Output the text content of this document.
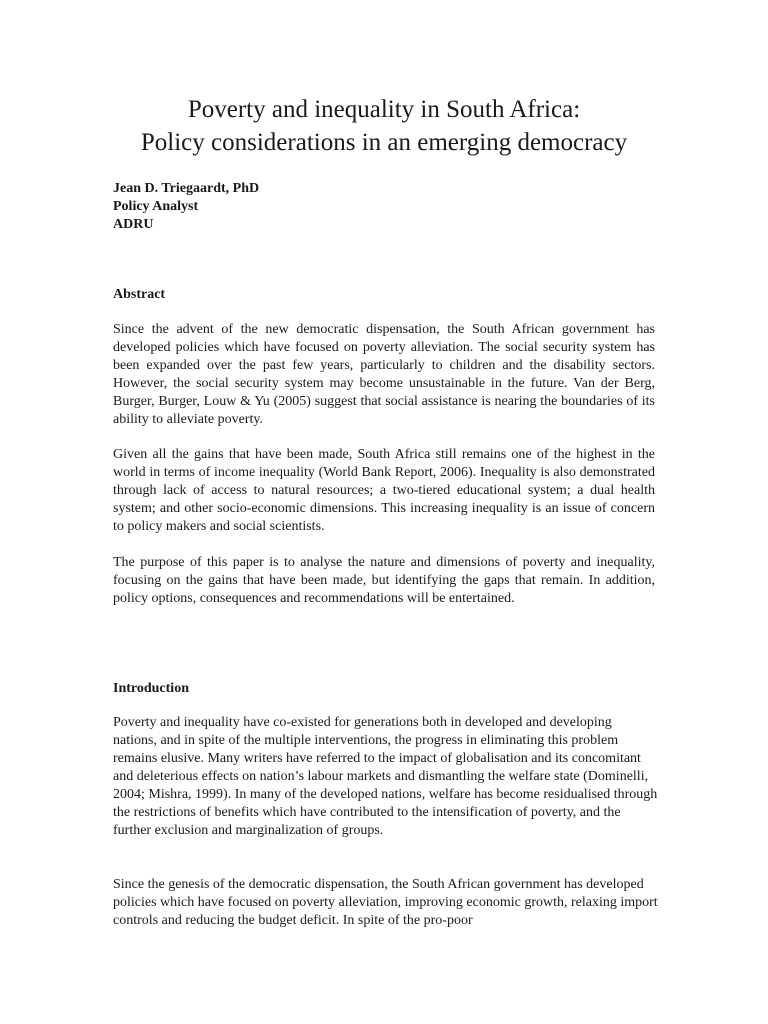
Poverty and inequality in South Africa:
Policy considerations in an emerging democracy
Jean D. Triegaardt, PhD
Policy Analyst
ADRU
Abstract

Since the advent of the new democratic dispensation, the South African government has developed policies which have focused on poverty alleviation. The social security system has been expanded over the past few years, particularly to children and the disability sectors. However, the social security system may become unsustainable in the future. Van der Berg, Burger, Burger, Louw & Yu (2005) suggest that social assistance is nearing the boundaries of its ability to alleviate poverty.

Given all the gains that have been made, South Africa still remains one of the highest in the world in terms of income inequality (World Bank Report, 2006). Inequality is also demonstrated through lack of access to natural resources; a two-tiered educational system; a dual health system; and other socio-economic dimensions. This increasing inequality is an issue of concern to policy makers and social scientists.

The purpose of this paper is to analyse the nature and dimensions of poverty and inequality, focusing on the gains that have been made, but identifying the gaps that remain. In addition, policy options, consequences and recommendations will be entertained.

Introduction

Poverty and inequality have co-existed for generations both in developed and developing nations, and in spite of the multiple interventions, the progress in eliminating this problem remains elusive. Many writers have referred to the impact of globalisation and its concomitant and deleterious effects on nation’s labour markets and dismantling the welfare state (Dominelli, 2004; Mishra, 1999). In many of the developed nations, welfare has become residualised through the restrictions of benefits which have contributed to the intensification of poverty, and the further exclusion and marginalization of groups.

Since the genesis of the democratic dispensation, the South African government has developed policies which have focused on poverty alleviation, improving economic growth, relaxing import controls and reducing the budget deficit. In spite of the pro-poor
